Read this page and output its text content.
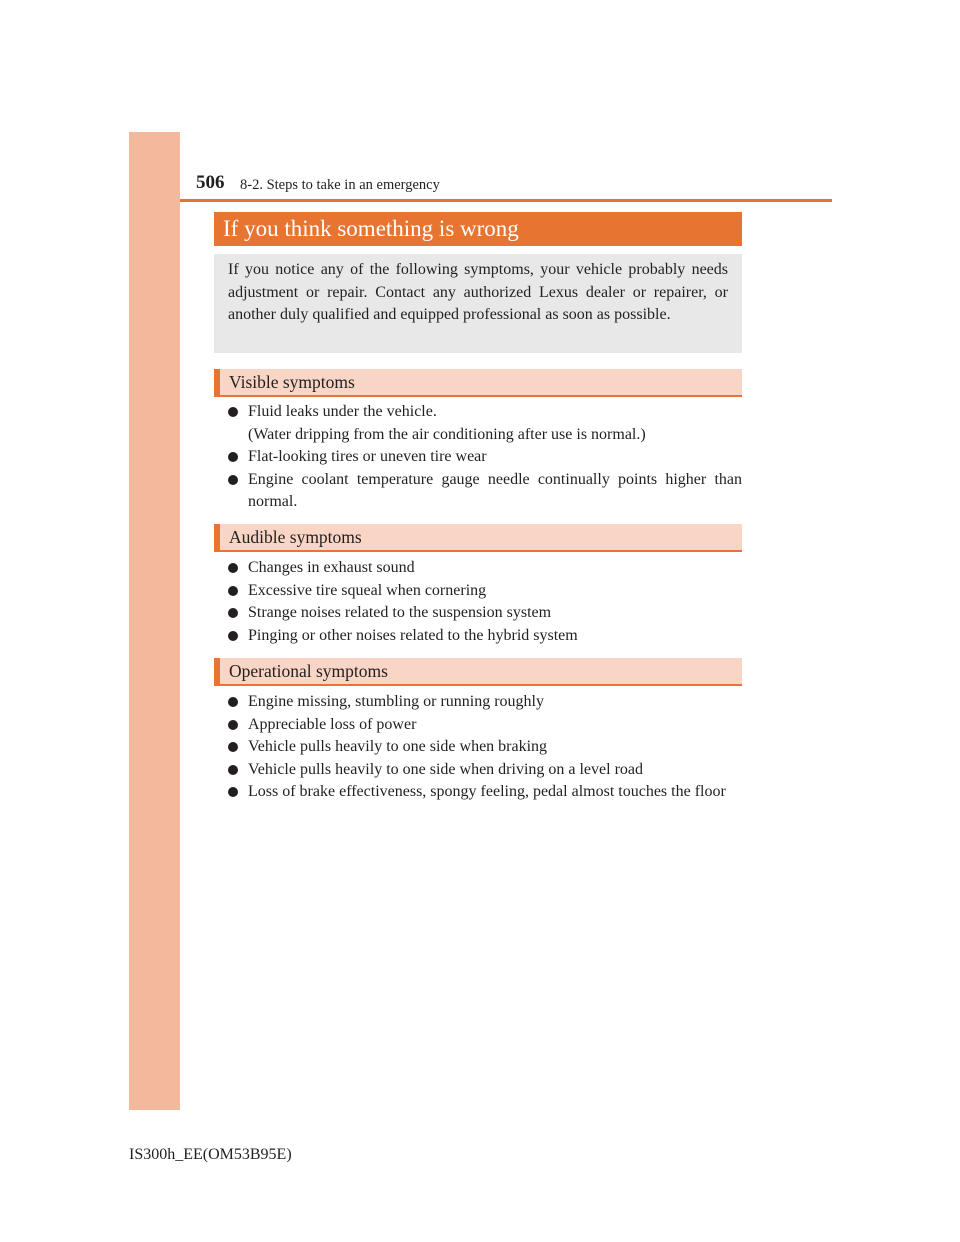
506 8-2. Steps to take in an emergency
If you think something is wrong

If you notice any of the following symptoms, your vehicle probably needs adjustment or repair. Contact any authorized Lexus dealer or repairer, or another duly qualified and equipped professional as soon as possible.

Visible symptoms
Fluid leaks under the vehicle.
(Water dripping from the air conditioning after use is normal.)
Flat-looking tires or uneven tire wear
Engine coolant temperature gauge needle continually points higher than normal.
Audible symptoms
Changes in exhaust sound
Excessive tire squeal when cornering
Strange noises related to the suspension system
Pinging or other noises related to the hybrid system
Operational symptoms
Engine missing, stumbling or running roughly
Appreciable loss of power
Vehicle pulls heavily to one side when braking
Vehicle pulls heavily to one side when driving on a level road
Loss of brake effectiveness, spongy feeling, pedal almost touches the floor
IS300h_EE(OM53B95E)
